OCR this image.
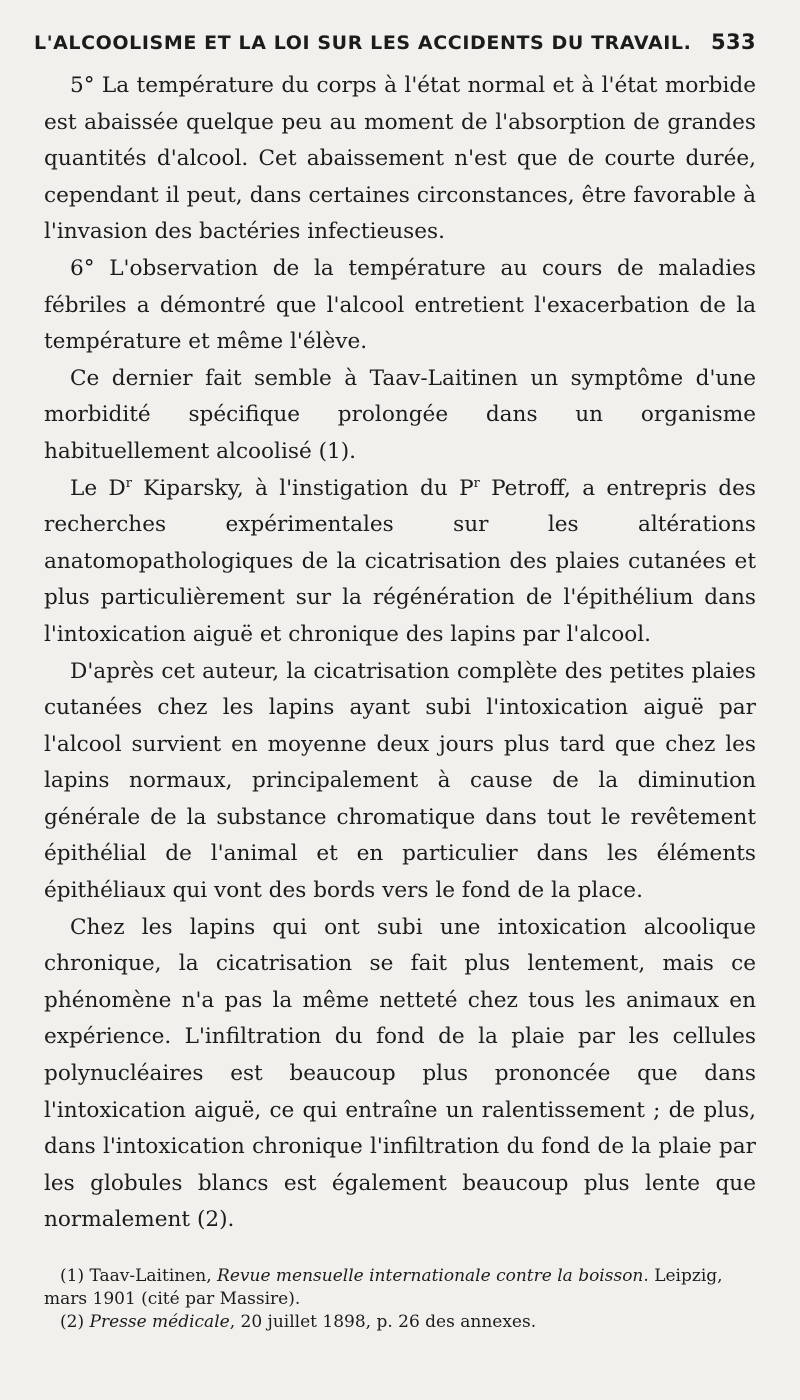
L'ALCOOLISME ET LA LOI SUR LES ACCIDENTS DU TRAVAIL. 533

5° La température du corps à l'état normal et à l'état morbide est abaissée quelque peu au moment de l'absorption de grandes quantités d'alcool. Cet abaissement n'est que de courte durée, cependant il peut, dans certaines circonstances, être favorable à l'invasion des bactéries infectieuses.

6° L'observation de la température au cours de maladies fébriles a démontré que l'alcool entretient l'exacerbation de la température et même l'élève.

Ce dernier fait semble à Taav-Laitinen un symptôme d'une morbidité spécifique prolongée dans un organisme habituellement alcoolisé (1).

Le $D^r$ Kiparsky, à l'instigation du $P^r$ Petroff, a entrepris des recherches expérimentales sur les altérations anatomopathologiques de la cicatrisation des plaies cutanées et plus particulièrement sur la régénération de l'épithélium dans l'intoxication aiguë et chronique des lapins par l'alcool.

D'après cet auteur, la cicatrisation complète des petites plaies cutanées chez les lapins ayant subi l'intoxication aiguë par l'alcool survient en moyenne deux jours plus tard que chez les lapins normaux, principalement à cause de la diminution générale de la substance chromatique dans tout le revêtement épithélial de l'animal et en particulier dans les éléments épithéliaux qui vont des bords vers le fond de la place.

Chez les lapins qui ont subi une intoxication alcoolique chronique, la cicatrisation se fait plus lentement, mais ce phénomène n'a pas la même netteté chez tous les animaux en expérience. L'infiltration du fond de la plaie par les cellules polynucléaires est beaucoup plus prononcée que dans l'intoxication aiguë, ce qui entraîne un ralentissement ; de plus, dans l'intoxication chronique l'infiltration du fond de la plaie par les globules blancs est également beaucoup plus lente que normalement (2).

(1) Taav-Laitinen, Revue mensuelle internationale contre la boisson. Leipzig, mars 1901 (cité par Massire).

(2) Presse médicale, 20 juillet 1898, p. 26 des annexes.
